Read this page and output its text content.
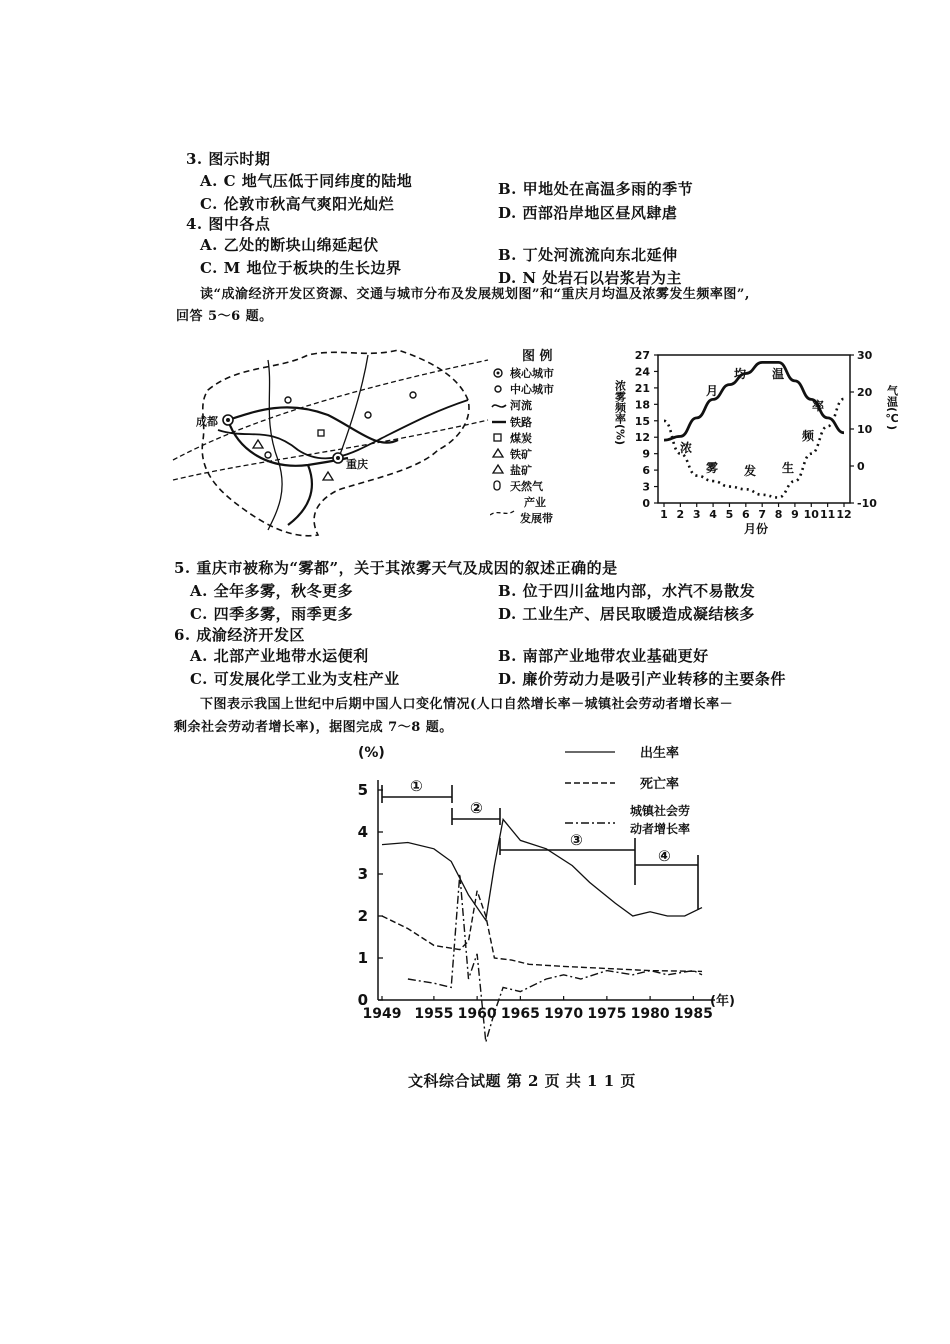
3. 图示时期
A. C 地气压低于同纬度的陆地	B. 甲地处在高温多雨的季节
C. 伦敦市秋高气爽阳光灿烂	D. 西部沿岸地区昼风肆虐
4. 图中各点
A. 乙处的断块山绵延起伏
B. 丁处河流流向东北延伸
C. M 地位于板块的生长边界
D. N 处岩石以岩浆岩为主
读“成渝经济开发区资源、交通与城市分布及发展规划图”和“重庆月均温及浓雾发生频率图”,
回答 5～6 题。
成都
重庆
图 例
核心城市
中心城市
河流
铁路
煤炭
铁矿
盐矿
天然气
产业
发展带
0
3
6
9
12
15
18
21
24
27	30
20
10
0
-10
1 2 3 4 5 6 7 8 9 10 11 12
浓雾频率(%)	气温(℃)
月份
月
均 温
浓
雾 发 生
频
率
5. 重庆市被称为“雾都”，关于其浓雾天气及成因的叙述正确的是
A. 全年多雾，秋冬更多	B. 位于四川盆地内部，水汽不易散发
C. 四季多雾，雨季更多	D. 工业生产、居民取暖造成凝结核多
6. 成渝经济开发区
A. 北部产业地带水运便利	B. 南部产业地带农业基础更好
C. 可发展化学工业为支柱产业	D. 廉价劳动力是吸引产业转移的主要条件
下图表示我国上世纪中后期中国人口变化情况(人口自然增长率－城镇社会劳动者增长率－
剩余社会劳动者增长率)，据图完成 7～8 题。
(%)
(年)
0
1
2
3
4
5
1949 1955 1960 1965 1970 1975 1980 1985
①
②
③
④
出生率
死亡率
城镇社会劳动者增长率
文科综合试题 第 2 页 共 1 1 页
